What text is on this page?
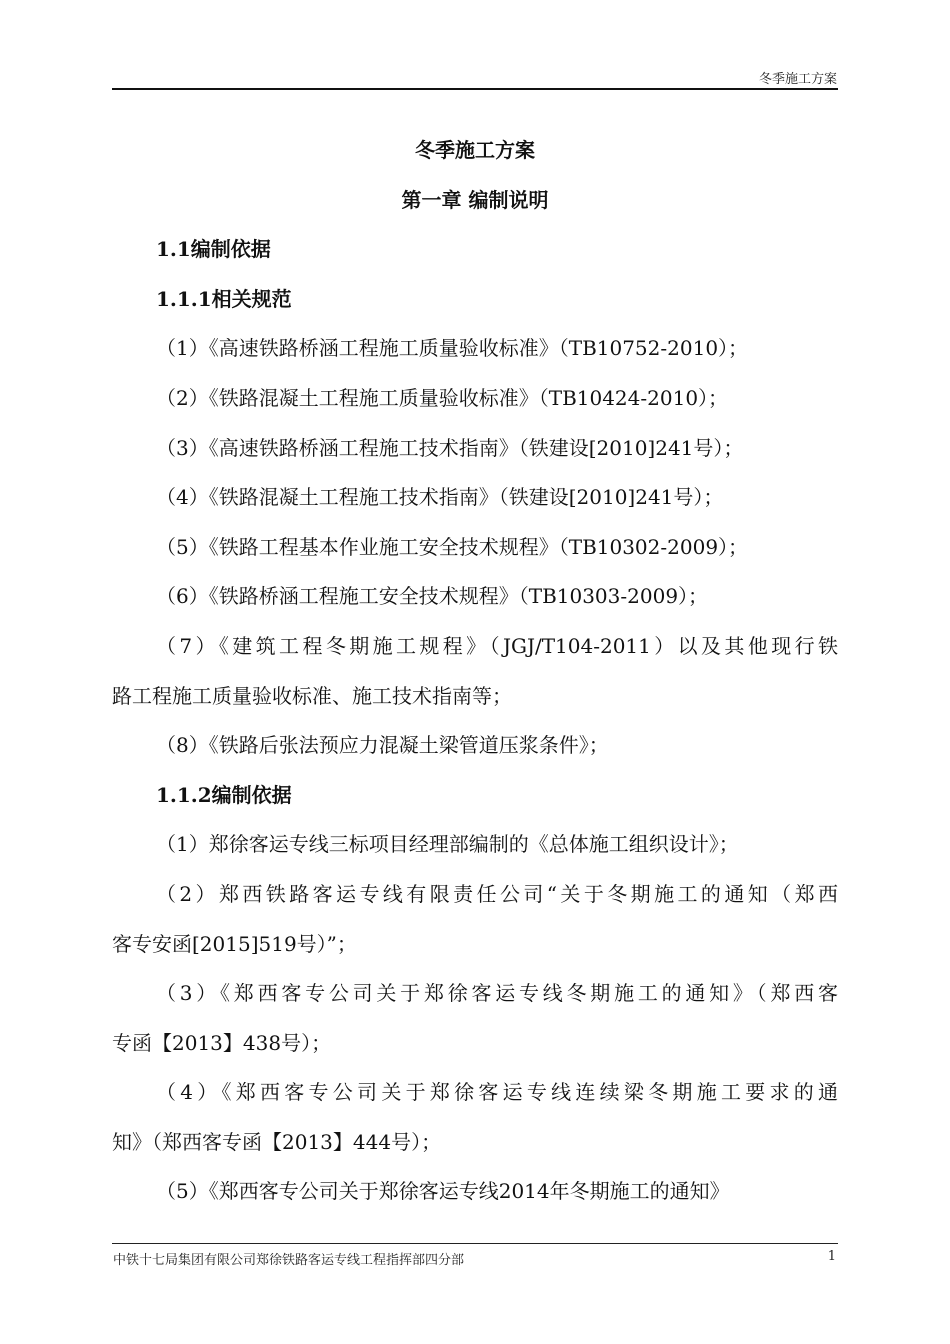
冬季施工方案
冬季施工方案
第一章 编制说明
1.1编制依据
1.1.1相关规范
（1）《高速铁路桥涵工程施工质量验收标准》（TB10752-2010）；
（2）《铁路混凝土工程施工质量验收标准》（TB10424-2010）；
（3）《高速铁路桥涵工程施工技术指南》（铁建设[2010]241号）；
（4）《铁路混凝土工程施工技术指南》（铁建设[2010]241号）；
（5）《铁路工程基本作业施工安全技术规程》（TB10302-2009）；
（6）《铁路桥涵工程施工安全技术规程》（TB10303-2009）；
（7）《建筑工程冬期施工规程》（JGJ/T104-2011）以及其他现行铁
路工程施工质量验收标准、施工技术指南等；
（8）《铁路后张法预应力混凝土梁管道压浆条件》；
1.1.2编制依据
（1）郑徐客运专线三标项目经理部编制的《总体施工组织设计》；
（2）郑西铁路客运专线有限责任公司“关于冬期施工的通知（郑西
客专安函[2015]519号）”；
（3）《郑西客专公司关于郑徐客运专线冬期施工的通知》（郑西客
专函【2013】438号）；
（4）《郑西客专公司关于郑徐客运专线连续梁冬期施工要求的通
知》（郑西客专函【2013】444号）；
（5）《郑西客专公司关于郑徐客运专线2014年冬期施工的通知》
中铁十七局集团有限公司郑徐铁路客运专线工程指挥部四分部	1
